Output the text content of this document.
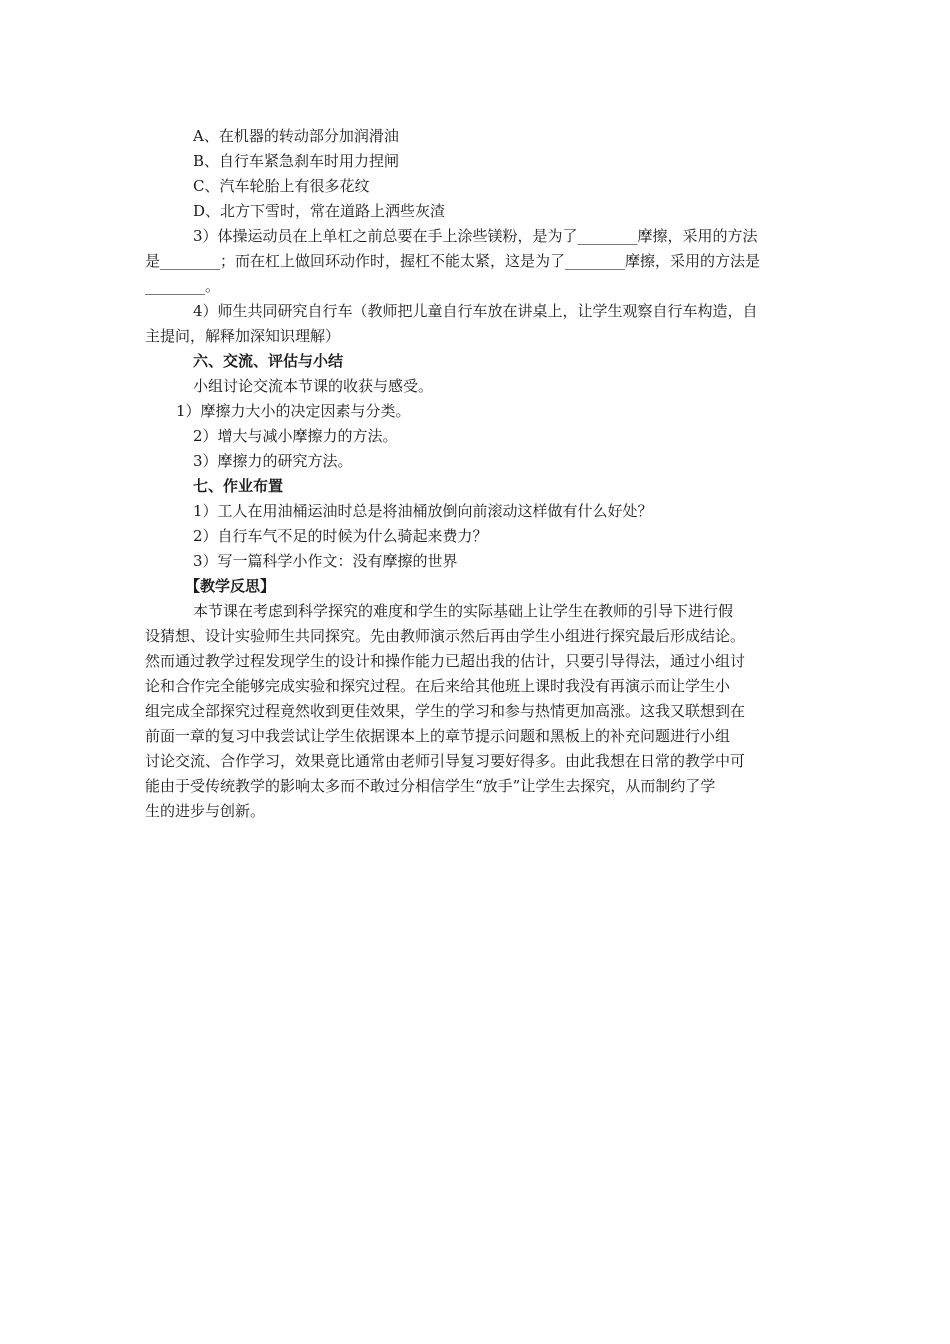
A、在机器的转动部分加润滑油
B、自行车紧急刹车时用力捏闸
C、汽车轮胎上有很多花纹
D、北方下雪时，常在道路上洒些灰渣
3）体操运动员在上单杠之前总要在手上涂些镁粉，是为了________摩擦，采用的方法
是________；而在杠上做回环动作时，握杠不能太紧，这是为了________摩擦，采用的方法是
________。
4）师生共同研究自行车（教师把儿童自行车放在讲桌上，让学生观察自行车构造，自
主提问，解释加深知识理解）
六、交流、评估与小结
小组讨论交流本节课的收获与感受。
1）摩擦力大小的决定因素与分类。
2）增大与减小摩擦力的方法。
3）摩擦力的研究方法。
七、作业布置
1）工人在用油桶运油时总是将油桶放倒向前滚动这样做有什么好处？
2）自行车气不足的时候为什么骑起来费力？
3）写一篇科学小作文：没有摩擦的世界
【教学反思】
本节课在考虑到科学探究的难度和学生的实际基础上让学生在教师的引导下进行假
设猜想、设计实验师生共同探究。先由教师演示然后再由学生小组进行探究最后形成结论。
然而通过教学过程发现学生的设计和操作能力已超出我的估计，只要引导得法，通过小组讨
论和合作完全能够完成实验和探究过程。在后来给其他班上课时我没有再演示而让学生小
组完成全部探究过程竟然收到更佳效果，学生的学习和参与热情更加高涨。这我又联想到在
前面一章的复习中我尝试让学生依据课本上的章节提示问题和黑板上的补充问题进行小组
讨论交流、合作学习，效果竟比通常由老师引导复习要好得多。由此我想在日常的教学中可
能由于受传统教学的影响太多而不敢过分相信学生“放手”让学生去探究，从而制约了学
生的进步与创新。
